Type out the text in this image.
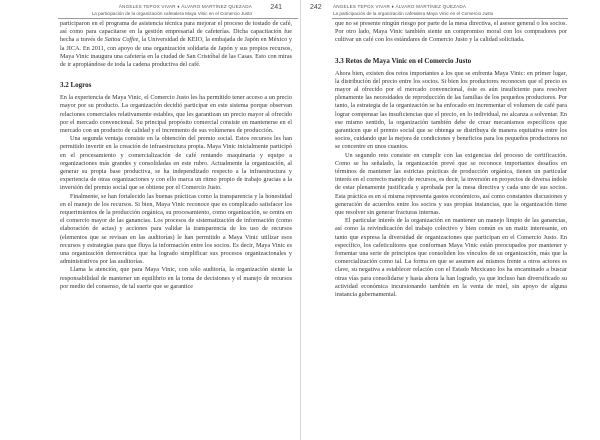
ÁNGELES TEPOX VIVAR ♦ ÁLVARO MARTÍNEZ QUEZADA
La participación de la organización cafetalera Maya Vinic en el Comercio Justo
241

participaron en el programa de asistencia técnica para mejorar el proceso de tostado de café, así como para capacitarse en la gestión empresarial de cafeterías. Dicha capacitación fue hecha a través de Saitou Coffee, la Universidad de KEIO, la embajada de Japón en México y la JICA. En 2011, con apoyo de una organización solidaria de Japón y sus propios recursos, Maya Vinic inaugura una cafetería en la ciudad de San Cristóbal de las Casas. Esto con miras de ir apropiándose de toda la cadena productiva del café.

3.2 Logros

En la experiencia de Maya Vinic, el Comercio Justo les ha permitido tener acceso a un precio mayor por su producto. La organización decidió participar en este sistema porque observan relaciones comerciales relativamente estables, que les garantizan un precio mayor al ofrecido por el mercado convencional. Su principal propósito comercial consiste en mantenerse en el mercado con un producto de calidad y el incremento de sus volúmenes de producción.

Una segunda ventaja consiste en la obtención del premio social. Estos recursos les han permitido invertir en la creación de infraestructura propia. Maya Vinic inicialmente participó en el procesamiento y comercialización de café rentando maquinaria y equipo a organizaciones más grandes y consolidadas en este rubro. Actualmente la organización, al generar su propia base productiva, se ha independizado respecto a la infraestructura y experiencia de otras organizaciones y con ello marca un ritmo propio de trabajo gracias a la inversión del premio social que se obtiene por el Comercio Justo.

Finalmente, se han fortalecido las buenas prácticas como la transparencia y la honestidad en el manejo de los recursos. Si bien, Maya Vinic reconoce que es complicado satisfacer los requerimientos de la producción orgánica, su procesamiento, como organización, se centra en el comercio mayor de las ganancias. Los procesos de sistematización de información (como elaboración de actas) y acciones para validar la transparencia de los uso de recursos (elementos que se revisan en las auditorías) le han permitido a Maya Vinic utilizar esos recursos y estrategias para que fluya la información entre los socios. Es decir, Maya Vinic es una organización democrática que ha logrado simplificar sus procesos organizacionales y administrativos por las auditorías.

Llama la atención, que para Maya Vinic, con sólo auditoría, la organización siente la responsabilidad de mantener un equilibrio en la toma de decisiones y el manejo de recursos por medio del consenso, de tal suerte que se garantice

242 ÁNGELES TEPOX VIVAR ♦ ÁLVARO MARTÍNEZ QUEZADA
La participación de la organización cafetalera Maya Vinic en el Comercio Justo

que no se presente ningún riesgo por parte de la mesa directiva, el asesor general o los socios. Por otro lado, Maya Vinic también siente un compromiso moral con los compradores por cultivar un café con los estándares de Comercio Justo y la calidad solicitada.

3.3 Retos de Maya Vinic en el Comercio Justo

Ahora bien, existen dos retos importantes a los que se enfrenta Maya Vinic: en primer lugar, la distribución del precio entre los socios. Si bien los productores reconocen que el precio es mayor al ofrecido por el mercado convencional, éste es aún insuficiente para resolver plenamente las necesidades de reproducción de las familias de los pequeños productores. Por tanto, la estrategia de la organización se ha enfocado en incrementar el volumen de café para lograr compensar las insuficiencias que el precio, en lo individual, no alcanza a solventar. En ese mismo sentido, la organización también debe de crear mecanismos específicos que garanticen que el premio social que se obtenga se distribuya de manera equitativa entre los socios, cuidando que la mejora de condiciones y beneficios para los pequeños productores no se concentre en unos cuantos.

Un segundo reto consiste en cumplir con las exigencias del proceso de certificación. Como se ha señalado, la organización prevé que se reconoce importantes desafíos en términos de mantener las estrictas prácticas de producción orgánica, tienen un particular interés en el correcto manejo de recursos, es decir, la inversión en proyectos de diversa índole de estar plenamente justificada y aprobada por la mesa directiva y cada uno de sus socios. Esta práctica es en sí misma representa gastos económicos, así como constantes discusiones y generación de acuerdos entre los socios y sus propias instancias, que la organización tiene que resolver sin generar fracturas internas.

El particular interés de la organización en mantener un manejo limpio de las ganancias, así como la reivindicación del trabajo colectivo y bien común es un matiz interesante, en tanto que expresa la diversidad de organizaciones que participan en el Comercio Justo. En específico, los cafeticultores que conforman Maya Vinic están preocupados por mantener y fomentar una serie de principios que consoliden los vínculos de su organización, más que la comercialización como tal. La forma en que se asumen así mismos frente a otros actores es clave, su negativa a establecer relación con el Estado Mexicano los ha encaminado a buscar otras vías para consolidarse y hasta ahora la han logrado, ya que incluso han diversificado su actividad económica incursionando también en la venta de miel, sin apoyo de alguna instancia gubernamental.
